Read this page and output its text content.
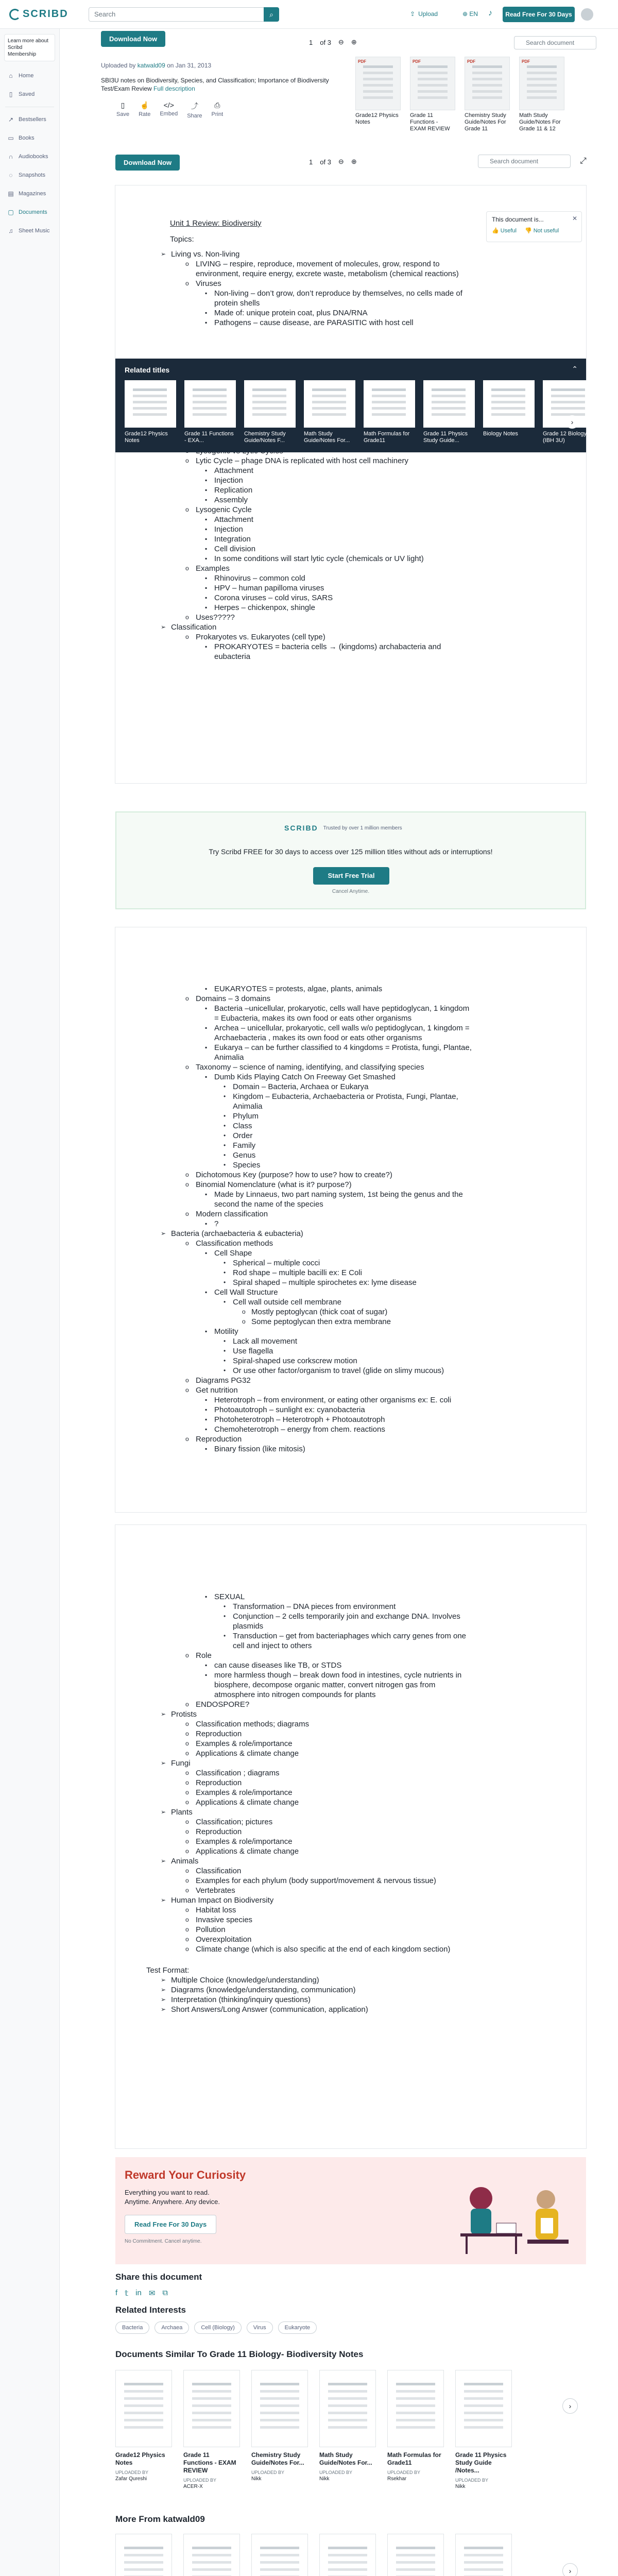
SCRIBD	Search	⌕	⇪ Upload	⊕ EN ♪	Read Free For 30 Days
Learn more about Scribd Membership
⌂	Home
▯	Saved
↗ Bestsellers
▭ Books
∩ Audiobooks
◌	Snapshots
▤ Magazines
▢ Documents
♫ Sheet Music
Download Now	1 of 3 ⊖ ⊕	Search document
Uploaded by katwald09 on Jan 31, 2013
SBI3U notes on Biodiversity, Species, and Classification; Importance of Biodiversity Test/Exam Review Full description
▯
Save
☝
Rate
</>
Embed
⤴
Share
⎙
Print
PDF
Grade12 Physics Notes
PDF
Grade 11 Functions - EXAM REVIEW
PDF
Chemistry Study Guide/Notes For Grade 11
PDF
Math Study Guide/Notes For Grade 11 & 12
Download Now	1 of 3 ⊖ ⊕	Search document	⤢
Unit 1 Review: Biodiversity
Topics:
➢ Living vs. Non-living
o LIVING – respire, reproduce, movement of molecules, grow, respond to environment, require energy, excrete waste, metabolism (chemical reactions)
o Viruses
▪ Non-living – don’t grow, don’t reproduce by themselves, no cells made of protein shells
▪ Made of: unique protein coat, plus DNA/RNA
▪ Pathogens – cause disease, are PARASITIC with host cell
o
o Lytic Cycle – phage DNA is replicated with host cell machinery
▪ Attachment
▪ Injection
▪ Replication
▪ Assembly
o Lysogenic Cycle
▪ Attachment
▪ Injection
▪ Integration
▪ Cell division
▪ In some conditions will start lytic cycle (chemicals or UV light)
o Examples
▪ Rhinovirus – common cold
▪ HPV – human papilloma viruses
▪ Corona viruses – cold virus, SARS
▪ Herpes – chickenpox, shingle
o Uses?????
➢ Classification
o Prokaryotes vs. Eukaryotes (cell type)
▪ PROKARYOTES = bacteria cells → (kingdoms) archabacteria and eubacteria
This document is...	✕
👍 Useful 👎 Not useful
Related titles	⌃
Grade12 Physics Notes
Grade 11 Functions - EXA...
Chemistry Study Guide/Notes F...
Math Study Guide/Notes For...
Math Formulas for Grade11
Grade 11 Physics Study Guide...
Biology Notes	Grade 12 Biology - (IBH 3U)
›
SCRIBD Trusted by over 1 million members
Try Scribd FREE for 30 days to access over 125 million titles without ads or interruptions!
Start Free Trial
Cancel Anytime.
▪ EUKARYOTES = protests, algae, plants, animals
o Domains – 3 domains
▪ Bacteria –unicellular, prokaryotic, cells wall have peptidoglycan, 1 kingdom = Eubacteria, makes its own food or eats other organisms
▪ Archea – unicellular, prokaryotic, cell walls w/o peptidoglycan, 1 kingdom = Archaebacteria , makes its own food or eats other organisms
▪ Eukarya – can be further classified to 4 kingdoms = Protista, fungi, Plantae, Animalia
o Taxonomy – science of naming, identifying, and classifying species
▪ Dumb Kids Playing Catch On Freeway Get Smashed
• Domain – Bacteria, Archaea or Eukarya
• Kingdom – Eubacteria, Archaebacteria or Protista, Fungi, Plantae, Animalia
• Phylum
• Class
• Order
• Family
• Genus
• Species
o Dichotomous Key (purpose? how to use? how to create?)
o Binomial Nomenclature (what is it? purpose?)
▪ Made by Linnaeus, two part naming system, 1st being the genus and the second the name of the species
o Modern classification
▪ ?
➢ Bacteria (archaebacteria & eubacteria)
o Classification methods
▪ Cell Shape
• Spherical – multiple cocci
• Rod shape – multiple bacilli ex: E Coli
• Spiral shaped – multiple spirochetes ex: lyme disease
▪ Cell Wall Structure
• Cell wall outside cell membrane
o Mostly peptoglycan (thick coat of sugar)
o Some peptoglycan then extra membrane
▪ Motility
• Lack all movement
• Use flagella
• Spiral-shaped use corkscrew motion
• Or use other factor/organism to travel (glide on slimy mucous)
o Diagrams PG32
o Get nutrition
▪ Heterotroph – from environment, or eating other organisms ex: E. coli
▪ Photoautotroph – sunlight ex: cyanobacteria
▪ Photoheterotroph – Heterotroph + Photoautotroph
▪ Chemoheterotroph – energy from chem. reactions
o Reproduction
▪ Binary fission (like mitosis)
▪ SEXUAL
• Transformation – DNA pieces from environment
• Conjunction – 2 cells temporarily join and exchange DNA. Involves plasmids
• Transduction – get from bacteriaphages which carry genes from one cell and inject to others
o Role
▪ can cause diseases like TB, or STDS
▪ more harmless though – break down food in intestines, cycle nutrients in biosphere, decompose organic matter, convert nitrogen gas from atmosphere into nitrogen compounds for plants
o ENDOSPORE?
➢ Protists
o Classification methods; diagrams
o Reproduction
o Examples & role/importance
o Applications & climate change
➢ Fungi
o Classification ; diagrams
o Reproduction
o Examples & role/importance
o Applications & climate change
➢ Plants
o Classification; pictures
o Reproduction
o Examples & role/importance
o Applications & climate change
➢ Animals
o Classification
o Examples for each phylum (body support/movement & nervous tissue)
o Vertebrates
➢ Human Impact on Biodiversity
o Habitat loss
o Invasive species
o Pollution
o Overexploitation
o Climate change (which is also specific at the end of each kingdom section)
Test Format:
➢ Multiple Choice (knowledge/understanding)
➢ Diagrams (knowledge/understanding, communication)
➢ Interpretation (thinking/inquiry questions)
➢ Short Answers/Long Answer (communication, application)
Reward Your Curiosity
Everything you want to read.
Anytime. Anywhere. Any device.
Read Free For 30 Days
No Commitment. Cancel anytime.
Share this document
f 𝕥 in ✉ ⧉
Related Interests
Bacteria	Archaea	Cell (Biology)	Virus	Eukaryote
Documents Similar To Grade 11 Biology- Biodiversity Notes
Grade12 Physics Notes
UPLOADED BY
Zafar Qureshi
Grade 11 Functions - EXAM REVIEW
UPLOADED BY
ACER-X
Chemistry Study Guide/Notes For...
UPLOADED BY
Nikk
Math Study Guide/Notes For...
UPLOADED BY
Nikk
Math Formulas for Grade11
UPLOADED BY
Rsekhar
Grade 11 Physics Study Guide /Notes...
UPLOADED BY
Nikk
›
More From katwald09
›
